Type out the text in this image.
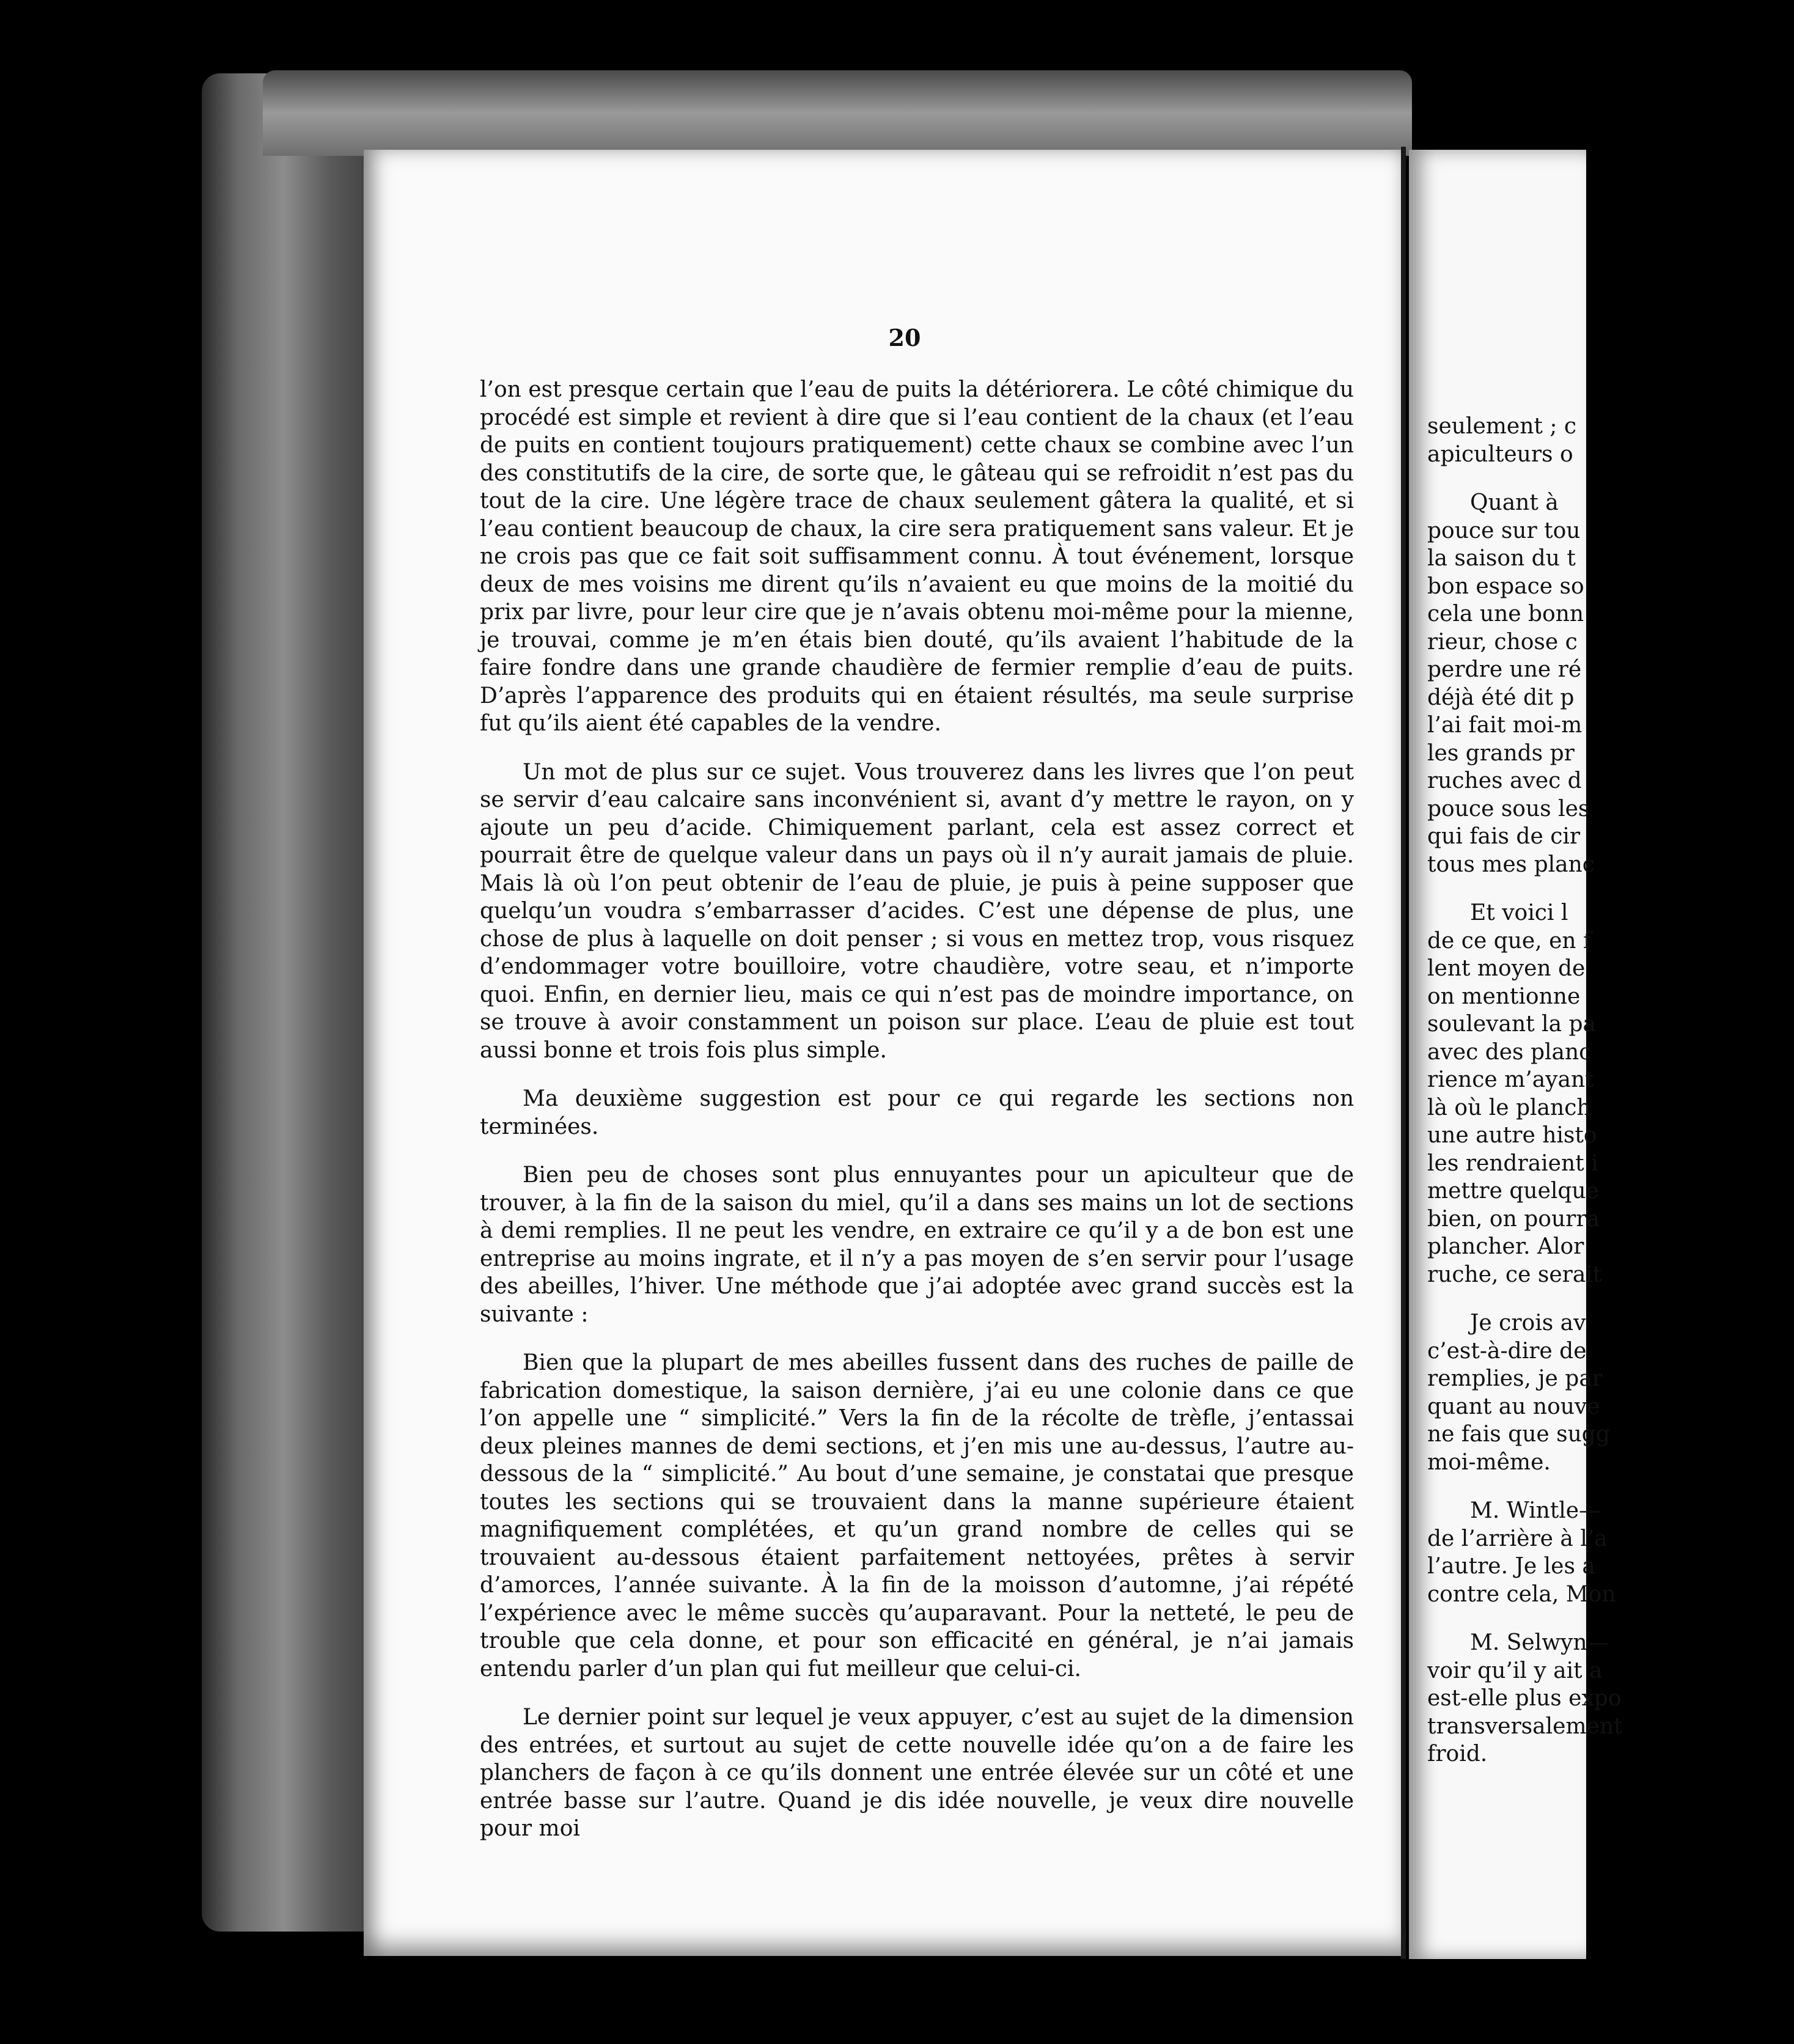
20

l’on est presque certain que l’eau de puits la détériorera. Le côté chimique du procédé est simple et revient à dire que si l’eau contient de la chaux (et l’eau de puits en contient toujours pratiquement) cette chaux se combine avec l’un des constitutifs de la cire, de sorte que, le gâteau qui se refroidit n’est pas du tout de la cire. Une légère trace de chaux seulement gâtera la qualité, et si l’eau contient beaucoup de chaux, la cire sera pratiquement sans valeur. Et je ne crois pas que ce fait soit suffisamment connu. À tout événement, lorsque deux de mes voisins me dirent qu’ils n’avaient eu que moins de la moitié du prix par livre, pour leur cire que je n’avais obtenu moi-même pour la mienne, je trouvai, comme je m’en étais bien douté, qu’ils avaient l’habitude de la faire fondre dans une grande chaudière de fermier remplie d’eau de puits. D’après l’apparence des produits qui en étaient résultés, ma seule surprise fut qu’ils aient été capables de la vendre.

Un mot de plus sur ce sujet. Vous trouverez dans les livres que l’on peut se servir d’eau calcaire sans inconvénient si, avant d’y mettre le rayon, on y ajoute un peu d’acide. Chimiquement parlant, cela est assez correct et pourrait être de quelque valeur dans un pays où il n’y aurait jamais de pluie. Mais là où l’on peut obtenir de l’eau de pluie, je puis à peine supposer que quelqu’un voudra s’embarrasser d’acides. C’est une dépense de plus, une chose de plus à laquelle on doit penser ; si vous en mettez trop, vous risquez d’endommager votre bouilloire, votre chaudière, votre seau, et n’importe quoi. Enfin, en dernier lieu, mais ce qui n’est pas de moindre importance, on se trouve à avoir constamment un poison sur place. L’eau de pluie est tout aussi bonne et trois fois plus simple.

Ma deuxième suggestion est pour ce qui regarde les sections non terminées.

Bien peu de choses sont plus ennuyantes pour un apiculteur que de trouver, à la fin de la saison du miel, qu’il a dans ses mains un lot de sections à demi remplies. Il ne peut les vendre, en extraire ce qu’il y a de bon est une entreprise au moins ingrate, et il n’y a pas moyen de s’en servir pour l’usage des abeilles, l’hiver. Une méthode que j’ai adoptée avec grand succès est la suivante :

Bien que la plupart de mes abeilles fussent dans des ruches de paille de fabrication domestique, la saison dernière, j’ai eu une colonie dans ce que l’on appelle une “ simplicité.” Vers la fin de la récolte de trèfle, j’entassai deux pleines mannes de demi sections, et j’en mis une au-dessus, l’autre au-dessous de la “ simplicité.” Au bout d’une semaine, je constatai que presque toutes les sections qui se trouvaient dans la manne supérieure étaient magnifiquement complétées, et qu’un grand nombre de celles qui se trouvaient au-dessous étaient parfaitement nettoyées, prêtes à servir d’amorces, l’année suivante. À la fin de la moisson d’automne, j’ai répété l’expérience avec le même succès qu’auparavant. Pour la netteté, le peu de trouble que cela donne, et pour son efficacité en général, je n’ai jamais entendu parler d’un plan qui fut meilleur que celui-ci.

Le dernier point sur lequel je veux appuyer, c’est au sujet de la dimension des entrées, et surtout au sujet de cette nouvelle idée qu’on a de faire les planchers de façon à ce qu’ils donnent une entrée élevée sur un côté et une entrée basse sur l’autre. Quand je dis idée nouvelle, je veux dire nouvelle pour moi

seulement ; c
apiculteurs o
Quant à
pouce sur tou
la saison du t
bon espace so
cela une bonn
rieur, chose c
perdre une ré
déjà été dit p
l’ai fait moi-m
les grands pr
ruches avec d
pouce sous les
qui fais de cir
tous mes planc
Et voici l
de ce que, en f
lent moyen de
on mentionne
soulevant la pa
avec des planc
rience m’ayant
là où le planch
une autre histo
les rendraient i
mettre quelque
bien, on pourra
plancher. Alor
ruche, ce serait
Je crois av
c’est-à-dire de
remplies, je par
quant au nouve
ne fais que sugg
moi-même.
M. Wintle—
de l’arrière à l’a
l’autre. Je les a
contre cela, Mon
M. Selwyn—
voir qu’il y ait a
est-elle plus expo
transversalement
froid.
